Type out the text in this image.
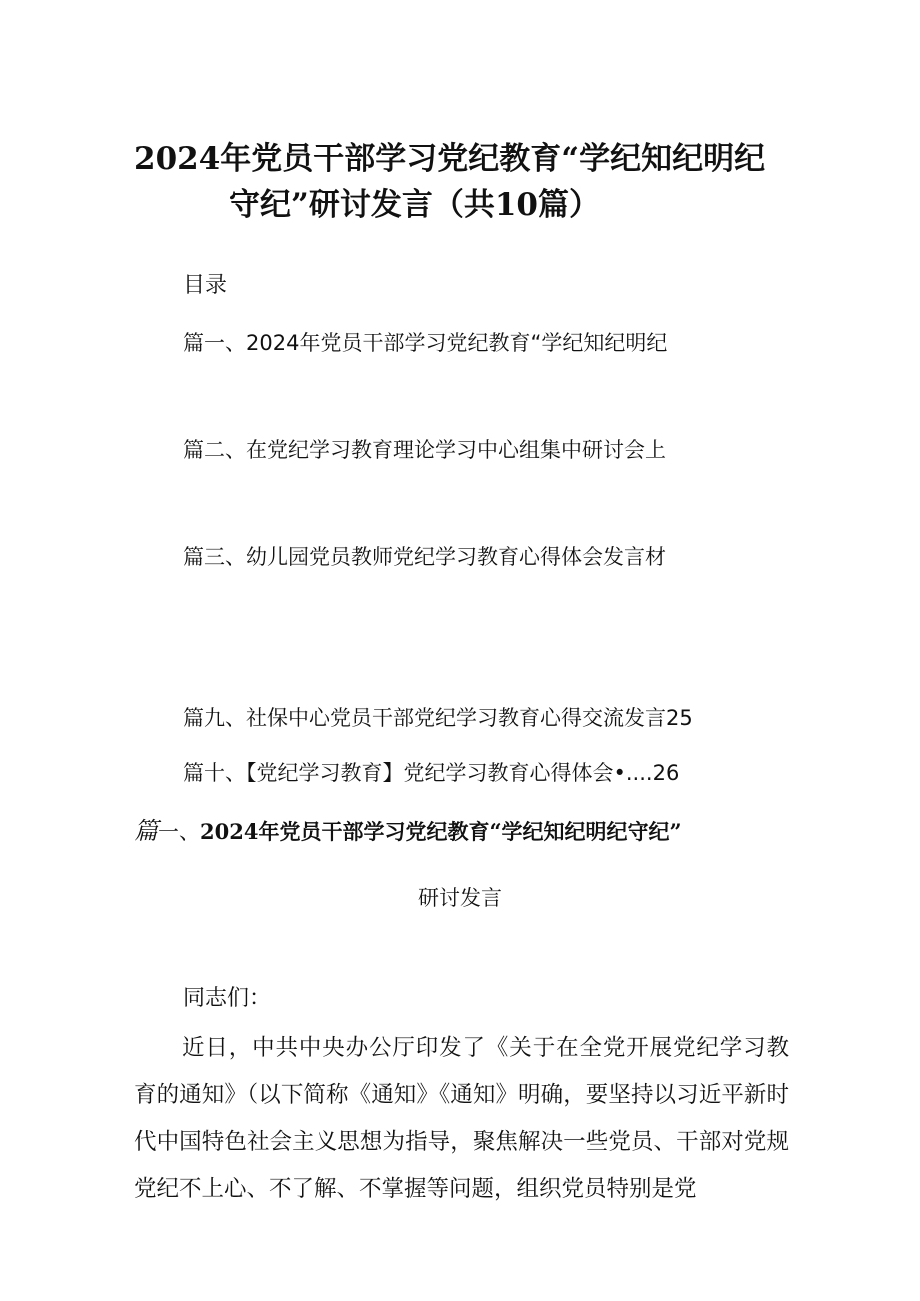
2024年党员干部学习党纪教育“学纪知纪明纪
守纪”研讨发言（共10篇）
目录
篇一、2024年党员干部学习党纪教育“学纪知纪明纪
篇二、在党纪学习教育理论学习中心组集中研讨会上
篇三、幼儿园党员教师党纪学习教育心得体会发言材
篇九、社保中心党员干部党纪学习教育心得交流发言25
篇十、【党纪学习教育】党纪学习教育心得体会•....26
篇一、2024年党员干部学习党纪教育“学纪知纪明纪守纪”
研讨发言
同志们：

近日，中共中央办公厅印发了《关于在全党开展党纪学习教育的通知》（以下简称《通知》《通知》明确，要坚持以习近平新时代中国特色社会主义思想为指导，聚焦解决一些党员、干部对党规党纪不上心、不了解、不掌握等问题，组织党员特别是党
